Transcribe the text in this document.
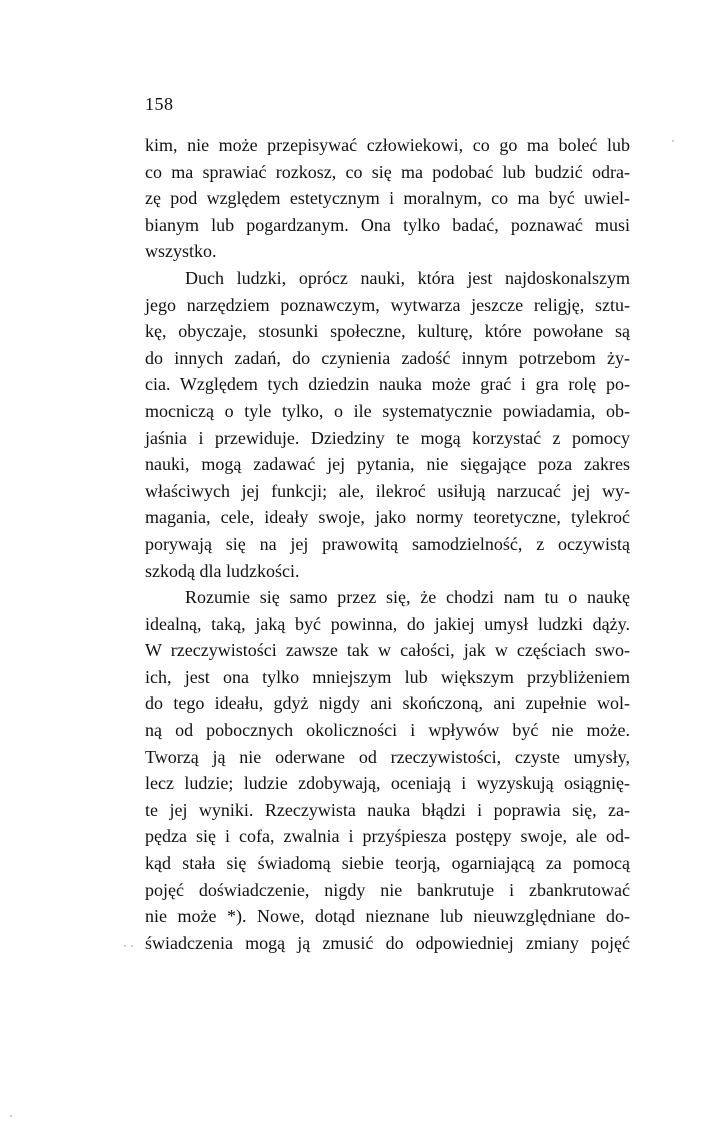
158
kim, nie może przepisywać człowiekowi, co go ma boleć lub
co ma sprawiać rozkosz, co się ma podobać lub budzić odra-
zę pod względem estetycznym i moralnym, co ma być uwiel-
bianym lub pogardzanym. Ona tylko badać, poznawać musi
wszystko.
Duch ludzki, oprócz nauki, która jest najdoskonalszym
jego narzędziem poznawczym, wytwarza jeszcze religję, sztu-
kę, obyczaje, stosunki społeczne, kulturę, które powołane są
do innych zadań, do czynienia zadość innym potrzebom ży-
cia. Względem tych dziedzin nauka może grać i gra rolę po-
mocniczą o tyle tylko, o ile systematycznie powiadamia, ob-
jaśnia i przewiduje. Dziedziny te mogą korzystać z pomocy
nauki, mogą zadawać jej pytania, nie sięgające poza zakres
właściwych jej funkcji; ale, ilekroć usiłują narzucać jej wy-
magania, cele, ideały swoje, jako normy teoretyczne, tylekroć
porywają się na jej prawowitą samodzielność, z oczywistą
szkodą dla ludzkości.
Rozumie się samo przez się, że chodzi nam tu o naukę
idealną, taką, jaką być powinna, do jakiej umysł ludzki dąży.
W rzeczywistości zawsze tak w całości, jak w częściach swo-
ich, jest ona tylko mniejszym lub większym przybliżeniem
do tego ideału, gdyż nigdy ani skończoną, ani zupełnie wol-
ną od pobocznych okoliczności i wpływów być nie może.
Tworzą ją nie oderwane od rzeczywistości, czyste umysły,
lecz ludzie; ludzie zdobywają, oceniają i wyzyskują osiągnię-
te jej wyniki. Rzeczywista nauka błądzi i poprawia się, za-
pędza się i cofa, zwalnia i przyśpiesza postępy swoje, ale od-
kąd stała się świadomą siebie teorją, ogarniającą za pomocą
pojęć doświadczenie, nigdy nie bankrutuje i zbankrutować
nie może *). Nowe, dotąd nieznane lub nieuwzględniane do-
świadczenia mogą ją zmusić do odpowiedniej zmiany pojęć
